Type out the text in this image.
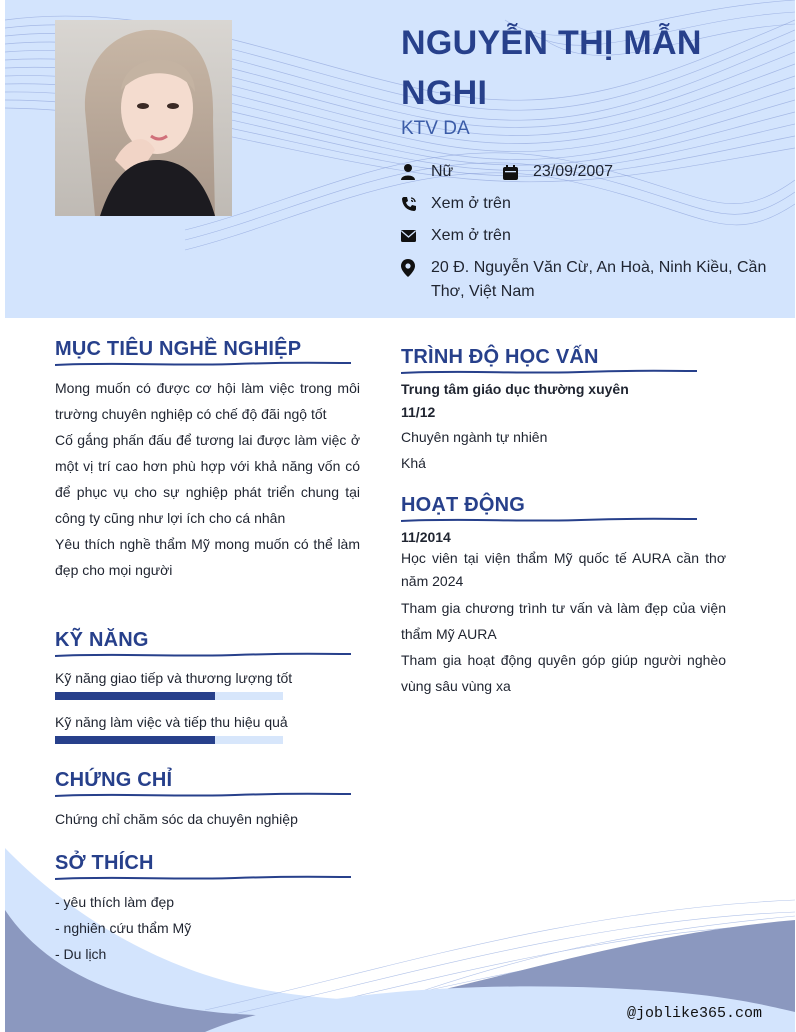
NGUYỄN THỊ MẪN NGHI
KTV DA
Nữ	23/09/2007
Xem ở trên
Xem ở trên
20 Đ. Nguyễn Văn Cừ, An Hoà, Ninh Kiều, Cần Thơ, Việt Nam
MỤC TIÊU NGHỀ NGHIỆP
Mong muốn có được cơ hội làm việc trong môi trường chuyên nghiệp có chế độ đãi ngộ tốt
Cố gắng phấn đấu để tương lai được làm việc ở một vị trí cao hơn phù hợp với khả năng vốn có để phục vụ cho sự nghiệp phát triển chung tại công ty cũng như lợi ích cho cá nhân
Yêu thích nghề thẩm Mỹ mong muốn có thể làm đẹp cho mọi người
KỸ NĂNG
Kỹ năng giao tiếp và thương lượng tốt
Kỹ năng làm việc và tiếp thu hiệu quả
CHỨNG CHỈ
Chứng chỉ chăm sóc da chuyên nghiệp
SỞ THÍCH
- yêu thích làm đẹp
- nghiên cứu thẩm Mỹ
- Du lịch
TRÌNH ĐỘ HỌC VẤN
Trung tâm giáo dục thường xuyên
11/12
Chuyên ngành tự nhiên
Khá
HOẠT ĐỘNG
11/2014
Học viên tại viện thẩm Mỹ quốc tế AURA cần thơ năm 2024
Tham gia chương trình tư vấn và làm đẹp của viện thẩm Mỹ AURA
Tham gia hoạt động quyên góp giúp người nghèo vùng sâu vùng xa
@joblike365.com
